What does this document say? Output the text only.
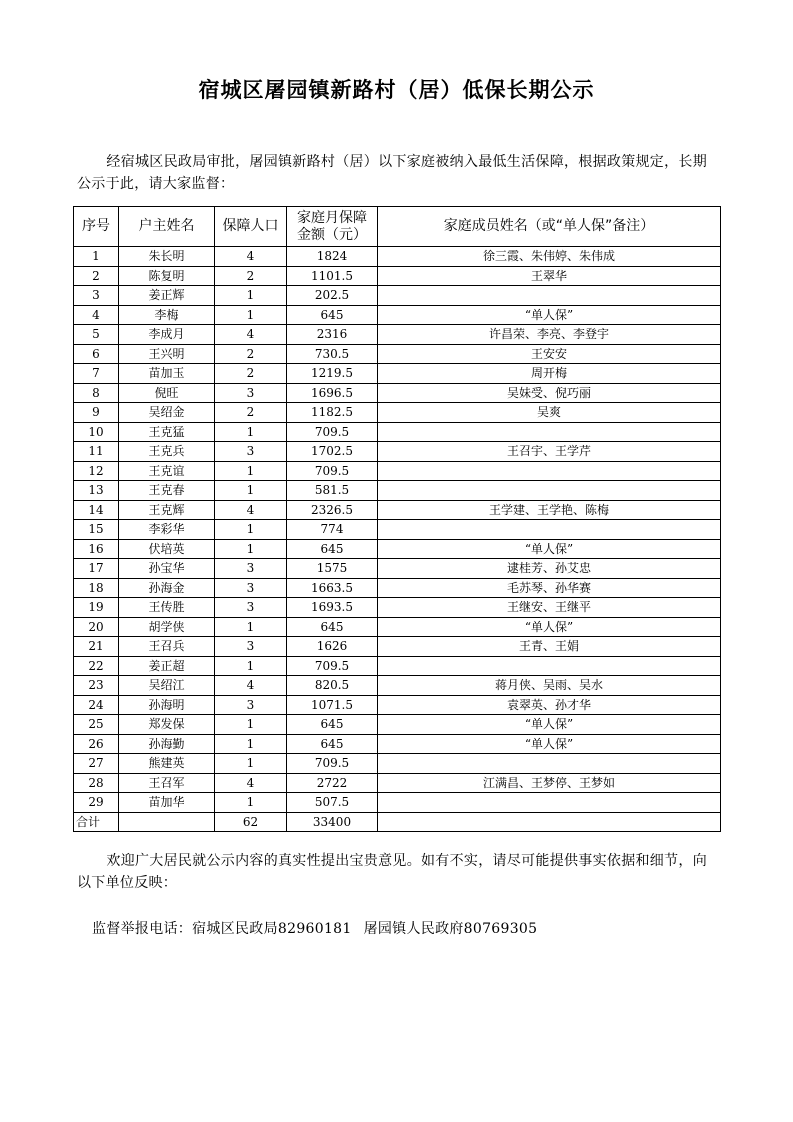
宿城区屠园镇新路村（居）低保长期公示
经宿城区民政局审批，屠园镇新路村（居）以下家庭被纳入最低生活保障，根据政策规定，长期公示于此，请大家监督：
序号	户主姓名	保障人口	家庭月保障
金额（元）	家庭成员姓名（或“单人保”备注）
1	朱长明	4	1824	徐三霞、朱伟婷、朱伟成
2	陈复明	2	1101.5	王翠华
3	姜正辉	1	202.5	
4	李梅	1	645	“单人保”
5	李成月	4	2316	许昌荣、李亮、李登宇
6	王兴明	2	730.5	王安安
7	苗加玉	2	1219.5	周开梅
8	倪旺	3	1696.5	吴妹受、倪巧丽
9	吴绍金	2	1182.5	吴爽
10	王克猛	1	709.5	
11	王克兵	3	1702.5	王召宇、王学芹
12	王克谊	1	709.5	
13	王克春	1	581.5	
14	王克辉	4	2326.5	王学建、王学艳、陈梅
15	李彩华	1	774	
16	伏培英	1	645	“单人保”
17	孙宝华	3	1575	逮桂芳、孙艾忠
18	孙海金	3	1663.5	毛苏琴、孙华赛
19	王传胜	3	1693.5	王继安、王继平
20	胡学侠	1	645	“单人保”
21	王召兵	3	1626	王青、王娟
22	姜正超	1	709.5	
23	吴绍江	4	820.5	蒋月侠、吴雨、吴水
24	孙海明	3	1071.5	袁翠英、孙才华
25	郑发保	1	645	“单人保”
26	孙海勤	1	645	“单人保”
27	熊建英	1	709.5	
28	王召军	4	2722	江满昌、王梦停、王梦如
29	苗加华	1	507.5	
合计		62	33400	
欢迎广大居民就公示内容的真实性提出宝贵意见。如有不实，请尽可能提供事实依据和细节，向以下单位反映：
监督举报电话：宿城区民政局82960181 屠园镇人民政府80769305
